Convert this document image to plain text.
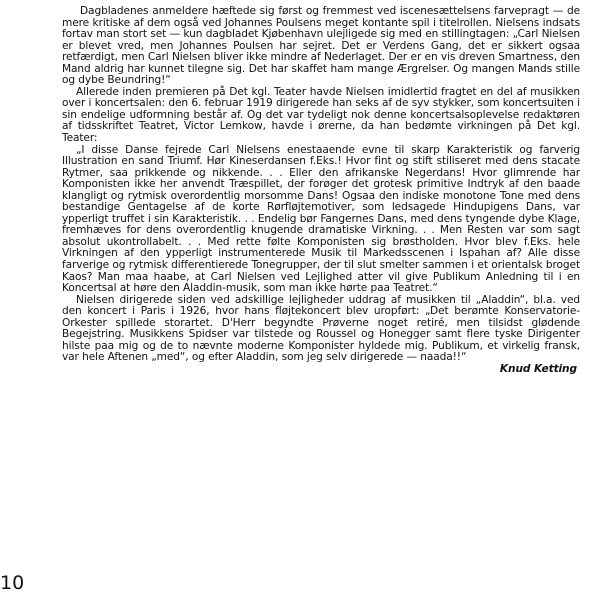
Dagbladenes anmeldere hæftede sig først og fremmest ved iscenesættelsens farvepragt — de mere kritiske af dem også ved Johannes Poulsens meget kontante spil i titelrollen. Nielsens indsats fortav man stort set — kun dagbladet Kjøbenhavn ulejligede sig med en stillingtagen: „Carl Nielsen er blevet vred, men Johannes Poulsen har sejret. Det er Verdens Gang, det er sikkert ogsaa retfærdigt, men Carl Nielsen bliver ikke mindre af Nederlaget. Der er en vis dreven Smartness, den Mand aldrig har kunnet tilegne sig. Det har skaffet ham mange Ærgrelser. Og mangen Mands stille og dybe Beundring!“

Allerede inden premieren på Det kgl. Teater havde Nielsen imidlertid fragtet en del af musikken over i koncertsalen: den 6. februar 1919 dirigerede han seks af de syv stykker, som koncertsuiten i sin endelige udformning består af. Og det var tydeligt nok denne koncertsalsoplevelse redaktøren af tidsskriftet Teatret, Victor Lemkow, havde i ørerne, da han bedømte virkningen på Det kgl. Teater:

„I disse Danse fejrede Carl Nielsens enestaaende evne til skarp Karakteristik og farverig Illustration en sand Triumf. Hør Kineserdansen f.Eks.! Hvor fint og stift stiliseret med dens stacate Rytmer, saa prikkende og nikkende. . . Eller den afrikanske Negerdans! Hvor glimrende har Komponisten ikke her anvendt Træspillet, der forøger det grotesk primitive Indtryk af den baade klangligt og rytmisk overordentlig morsomme Dans! Ogsaa den indiske monotone Tone med dens bestandige Gentagelse af de korte Rørfløjtemotiver, som ledsagede Hindupigens Dans, var ypperligt truffet i sin Karakteristik. . . Endelig bør Fangernes Dans, med dens tyngende dybe Klage, fremhæves for dens overordentlig knugende dramatiske Virkning. . . Men Resten var som sagt absolut ukontrollabelt. . . Med rette følte Komponisten sig brøstholden. Hvor blev f.Eks. hele Virkningen af den ypperligt instrumenterede Musik til Markedsscenen i Ispahan af? Alle disse farverige og rytmisk differentierede Tonegrupper, der til slut smelter sammen i et orientalsk broget Kaos? Man maa haabe, at Carl Nielsen ved Lejlighed atter vil give Publikum Anledning til i en Koncertsal at høre den Aladdin-musik, som man ikke hørte paa Teatret.“

Nielsen dirigerede siden ved adskillige lejligheder uddrag af musikken til „Aladdin“, bl.a. ved den koncert i Paris i 1926, hvor hans fløjtekoncert blev uropført: „Det berømte Konservatorie-Orkester spillede storartet. D'Herr begyndte Prøverne noget retiré, men tilsidst glødende Begejstring. Musikkens Spidser var tilstede og Roussel og Honegger samt flere tyske Dirigenter hilste paa mig og de to nævnte moderne Komponister hyldede mig. Publikum, et virkelig fransk, var hele Aftenen „med“, og efter Aladdin, som jeg selv dirigerede — naada!!“

Knud Ketting

10
